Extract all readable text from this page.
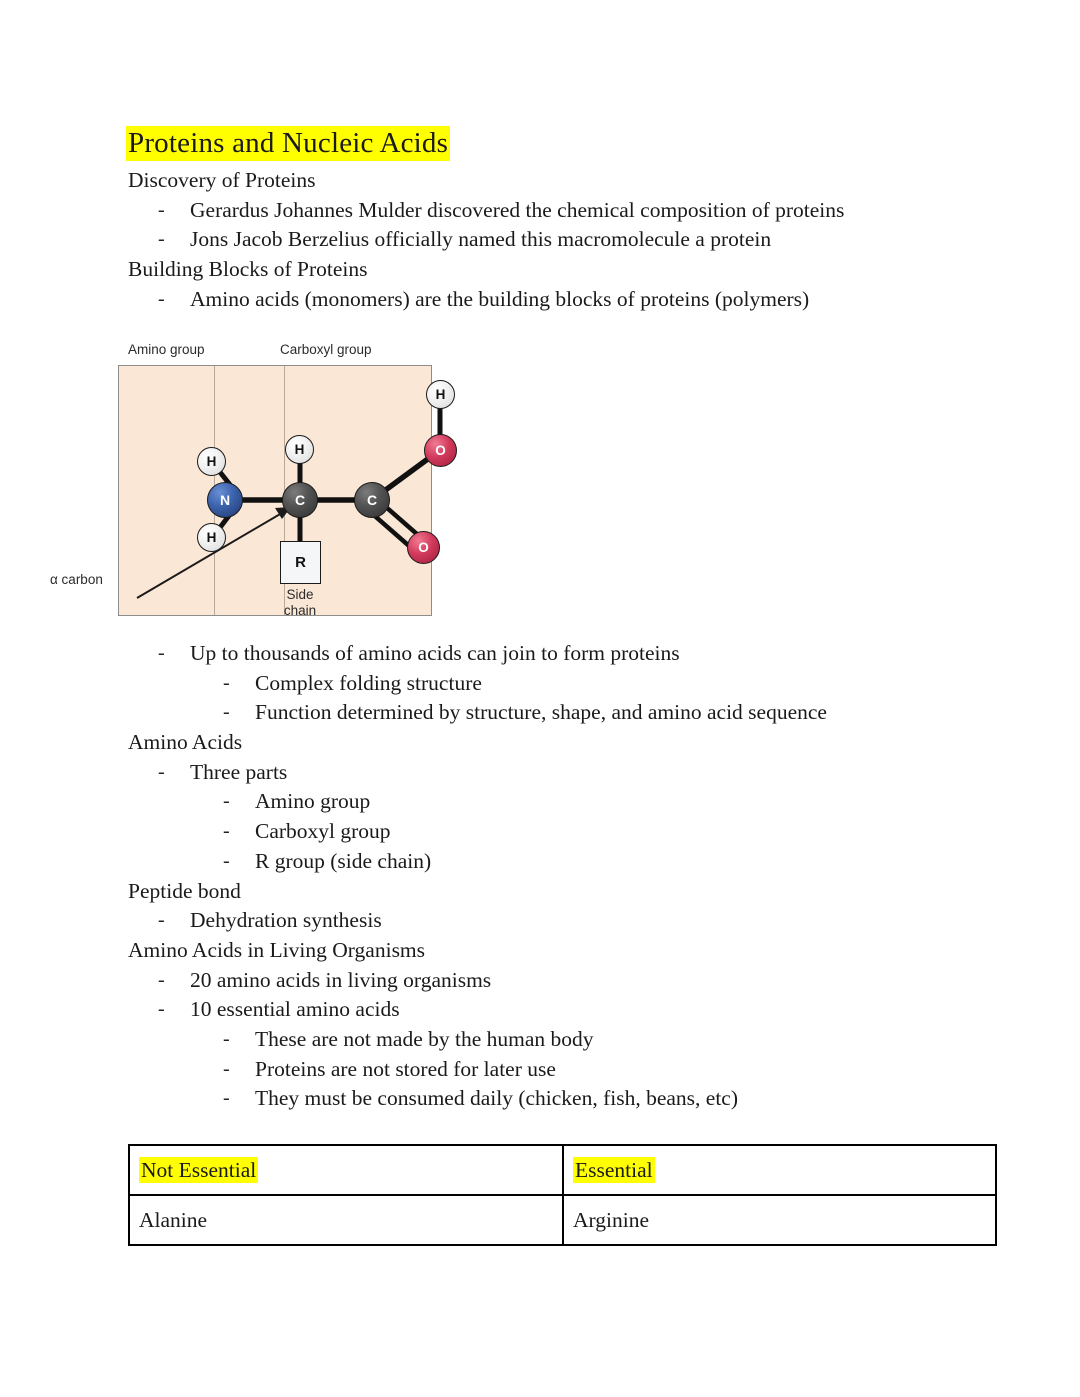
Proteins and Nucleic Acids
Discovery of Proteins
- Gerardus Johannes Mulder discovered the chemical composition of proteins
- Jons Jacob Berzelius officially named this macromolecule a protein
Building Blocks of Proteins
- Amino acids (monomers) are the building blocks of proteins (polymers)
Amino group	Carboxyl group
H
H
N
H
C
R
Side
chain
C
O
H
O
α carbon
- Up to thousands of amino acids can join to form proteins
- Complex folding structure
- Function determined by structure, shape, and amino acid sequence
Amino Acids
- Three parts
- Amino group
- Carboxyl group
- R group (side chain)
Peptide bond
- Dehydration synthesis
Amino Acids in Living Organisms
- 20 amino acids in living organisms
- 10 essential amino acids
- These are not made by the human body
- Proteins are not stored for later use
- They must be consumed daily (chicken, fish, beans, etc)
Not Essential	Essential
Alanine	Arginine
